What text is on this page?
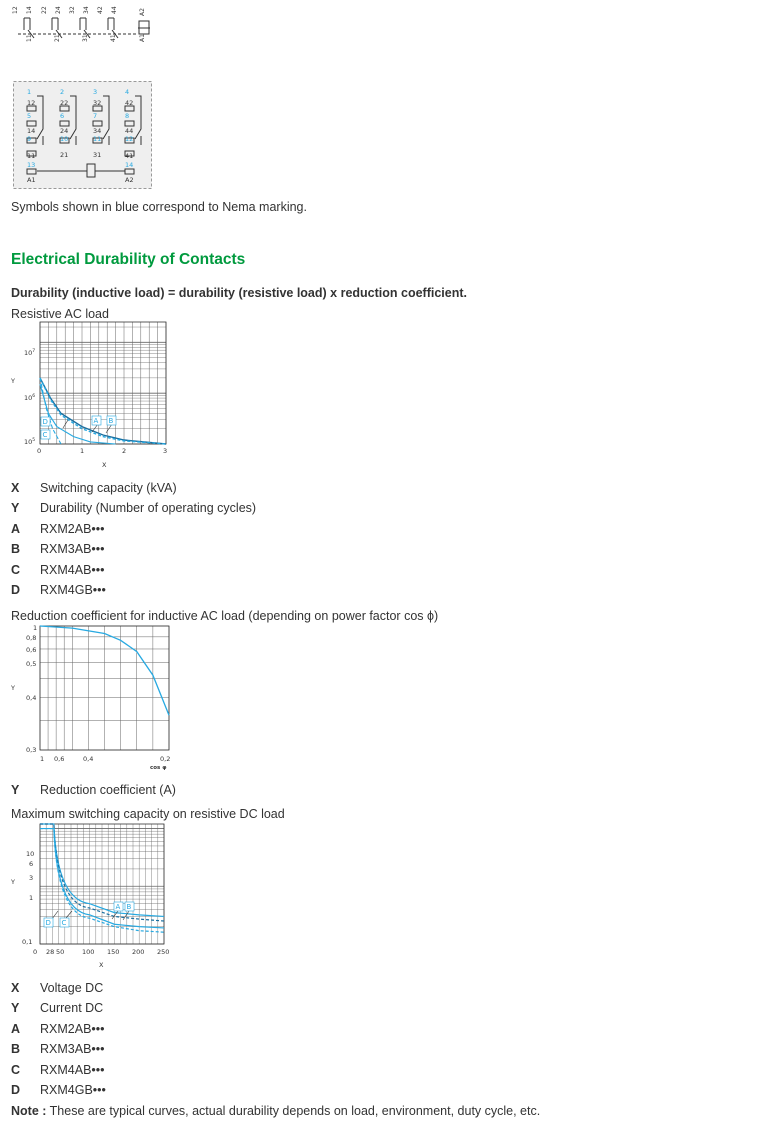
12 14 22 24 32 34 42 44	A2
11	21	31	41	A1
1
12
5
14
9
11
13
A1
2
22
6
24
10
21
3
32
7
34
11
31
4
42
8
44
12
41
14
A2
Symbols shown in blue correspond to Nema marking.
Electrical Durability of Contacts
Durability (inductive load) = durability (resistive load) x reduction coefficient.
Resistive AC load
$10^7$
$10^6$
$10^5$
Y
0	1	2	3
X
A B
C
D
X	Switching capacity (kVA)
Y	Durability (Number of operating cycles)
A	RXM2AB•••
B	RXM3AB•••
C	RXM4AB•••
D	RXM4GB•••
Reduction coefficient for inductive AC load (depending on power factor cos ϕ)
1
0,8
0,6
0,5
0,4
0,3
Y
1 0,6	0,4	0,2
cos φ
Y	Reduction coefficient (A)
Maximum switching capacity on resistive DC load
10
6
3
1
0,1
Y
0 28 50	100 150 200 250
X
A B
C
D
X	Voltage DC
Y	Current DC
A	RXM2AB•••
B	RXM3AB•••
C	RXM4AB•••
D	RXM4GB•••
Note : These are typical curves, actual durability depends on load, environment, duty cycle, etc.
